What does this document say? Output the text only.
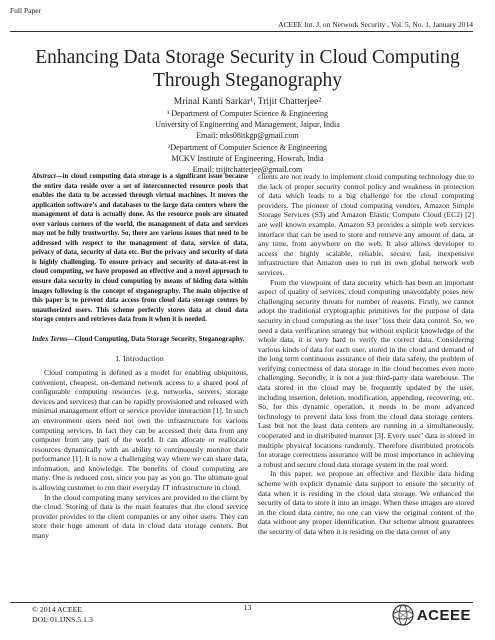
Full Paper
ACEEE Int. J. on Network Security , Vol. 5, No. 1, January 2014
Enhancing Data Storage Security in Cloud Computing Through Steganography
Mrinal Kanti Sarkar¹, Trijit Chatterjee²
¹ Department of Computer Science & Engineering
University of Engineering and Management, Jaipur, India
Email: mks08itkgp@gmail.com
²Department of Computer Science & Engineering
MCKV Institute of Engineering, Howrah, India
Email: trijitchatterjee@gmail.com

Abstract—in cloud computing data storage is a significant issue because the entire data reside over a set of interconnected resource pools that enables the data to be accessed through virtual machines. It moves the application software’s and databases to the large data centers where the management of data is actually done. As the resource pools are situated over various corners of the world, the management of data and services may not be fully trustworthy. So, there are various issues that need to be addressed with respect to the management of data, service of data, privacy of data, security of data etc. But the privacy and security of data is highly challenging. To ensure privacy and security of data-at-rest in cloud computing, we have proposed an effective and a novel approach to ensure data security in cloud computing by means of hiding data within images following is the concept of steganography. The main objective of this paper is to prevent data access from cloud data storage centers by unauthorized users. This scheme perfectly stores data at cloud data storage centers and retrieves data from it when it is needed.

Index Terms—Cloud Computing, Data Storage Security, Steganography.

I. Introduction

Cloud computing is defined as a model for enabling ubiquitous, convenient, cheapest, on-demand network access to a shared pool of configurable computing resources (e.g. networks, servers, storage devices and services) that can be rapidly provisioned and released with minimal management effort or service provider interaction [1]. In such an environment users need not own the infrastructure for various computing services. In fact they can be accessed their data from any computer from any part of the world. It can allocate or reallocate resources dynamically with an ability to continuously monitor their performance [1]. It is now a challenging way where we can share data, information, and knowledge. The benefits of cloud computing are many. One is reduced cost, since you pay as you go. The ultimate goal is allowing customer to run their everyday IT infrastructure in cloud.

In the cloud computing many services are provided to the client by the cloud. Storing of data is the main features that the cloud service provider provides to the client companies or any other users. They can store their huge amount of data in cloud data storage centers. But many

clients are not ready to implement cloud computing technology due to the lack of proper security control policy and weakness in protection of data which leads to a big challenge for the cloud computing providers. The pioneer of cloud computing vendors, Amazon Simple Storage Services (S3) and Amazon Elastic Compute Cloud (EC2) [2] are well known example. Amazon S3 provides a simple web services interface that can be used to store and retrieve any amount of data, at any time, from anywhere on the web. It also allows developer to access the highly scalable, reliable, secure, fast, inexpensive infrastructure that Amazon uses to run its own global network web services.

From the viewpoint of data security which has been an important aspect of quality of services, cloud computing unavoidably poses new challenging security threats for number of reasons. Firstly, we cannot adopt the traditional cryptographic primitives for the purpose of data security in cloud computing as the user’ loss their data control. So, we need a data verification strategy but without explicit knowledge of the whole data, it is very hard to verify the correct data. Considering various kinds of data for each user, stored in the cloud and demand of the long term continuous assurance of their data safety, the problem of verifying correctness of data storage in the cloud becomes even more challenging. Secondly, it is not a just third-party data warehouse. The data stored in the cloud may be frequently updated by the user, including insertion, deletion, modification, appending, recovering, etc. So, for this dynamic operation, it needs to be more advanced technology to prevent data loss from the cloud data storage centers. Last but not the least data centers are running in a simultaneously, cooperated and in distributed manner [3]. Every user’ data is stored in multiple physical locations randomly. Therefore distributed protocols for storage correctness assurance will be most importance in achieving a robust and secure cloud data storage system in the real word.

In this paper, we propose an effective and flexible data hiding scheme with explicit dynamic data support to ensure the security of data when it is residing in the cloud data storage. We enhanced the security of data to store it into an image. When these images are stored in the cloud data centre, no one can view the original content of the data without any proper identification. Our scheme almost guarantees the security of data when it is residing on the data center of any

13
© 2014 ACEEE
DOI: 01.IJNS.5.1.3	ACEEE
